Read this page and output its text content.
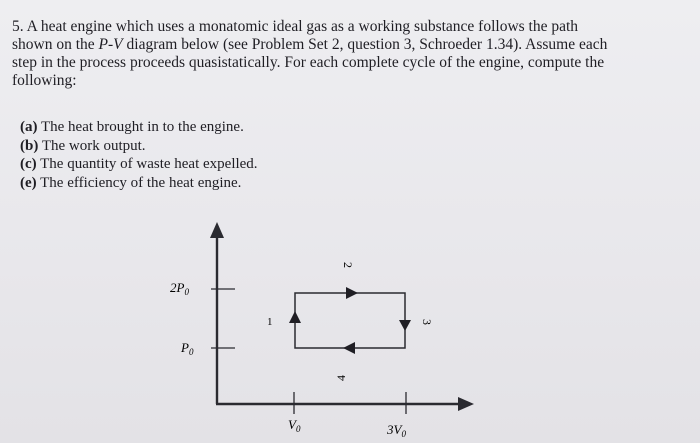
5. A heat engine which uses a monatomic ideal gas as a working substance follows the path
shown on the P-V diagram below (see Problem Set 2, question 3, Schroeder 1.34). Assume each
step in the process proceeds quasistatically. For each complete cycle of the engine, compute the
following:

(a) The heat brought in to the engine.
(b) The work output.
(c) The quantity of waste heat expelled.
(e) The efficiency of the heat engine.
$2P_0$
$P_0$
$V_0$	$3V_0$
1
2
3
4
